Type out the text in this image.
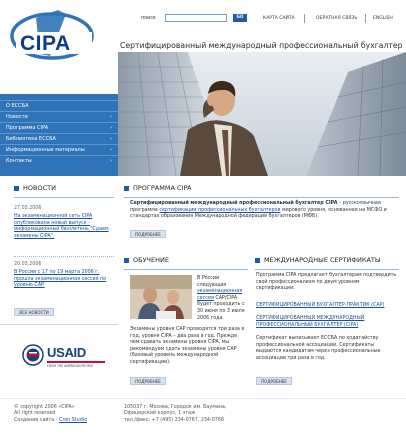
CIPA
поиск	GO	КАРТА САЙТА	ОБРАТНАЯ СВЯЗЬ	ENGLISH
Сертифицированный международный профессиональный бухгалтер
О ЕССБА
Новости	›
Программа CIPA	›
Библиотека ЕССБА	›
Информационные материалы	›
Контакты	›
НОВОСТИ
27.03.2006
На экзаменационной сеть CIPA опубликована новый выпуск - информационный бюллетень "Сдаем экзамены CIPA".
20.03.2006
В России с 17 по 19 марта 2006 г. прошла экзаменационная сессия по уровню CAP.
ВСЕ НОВОСТИ
USAID
FROM THE AMERICAN PEOPLE
ПРОГРАММА CIPA
Сертифицированный международный профессиональный бухгалтер CIPA – русскоязычная программа сертификации профессиональных бухгалтеров мирового уровня, основанная на МСФО и стандартах образования Международной федерации бухгалтеров (МФБ).
ПОДРОБНЕЕ
ОБУЧЕНИЕ
В России следующая экзаменационная сессия CAP/CIPA будет проходить с 30 июня по 3 июля 2006 года
Экзамены уровня CAP проводятся три раза в год, уровня CIPA – два раза в год. Прежде чем сдавать экзамены уровня CIPA, мы рекомендуем сдать экзамены уровня CAP (базовый уровень международной сертификации).
ПОДРОБНЕЕ
МЕЖДУНАРОДНЫЕ СЕРТИФИКАТЫ
Программа CIPA предлагает бухгалтерам подтвердить свой профессионализм по двум уровням сертификации:
СЕРТИФИЦИРОВАННЫЙ БУХГАЛТЕР-ПРАКТИК (CAP)
СЕРТИФИЦИРОВАННЫЙ МЕЖДУНАРОДНЫЙ ПРОФЕССИОНАЛЬНЫЙ БУХГАЛТЕР (CIPA)
Сертификат выписывает ЕССБА по ходатайству профессиональной ассоциации. Сертификаты выдаются кандидатам через профессиональные ассоциации три раза в год.
ПОДРОБНЕЕ
© copyright 2006 «CIPA»
All right reserved
Создание сайта - Cron Studio
105037 г. Москва, Городок им. Баумана,
Офицерский корпус, 1 этаж
тел./факс: +7 (495) 234-0767, 234-0768
